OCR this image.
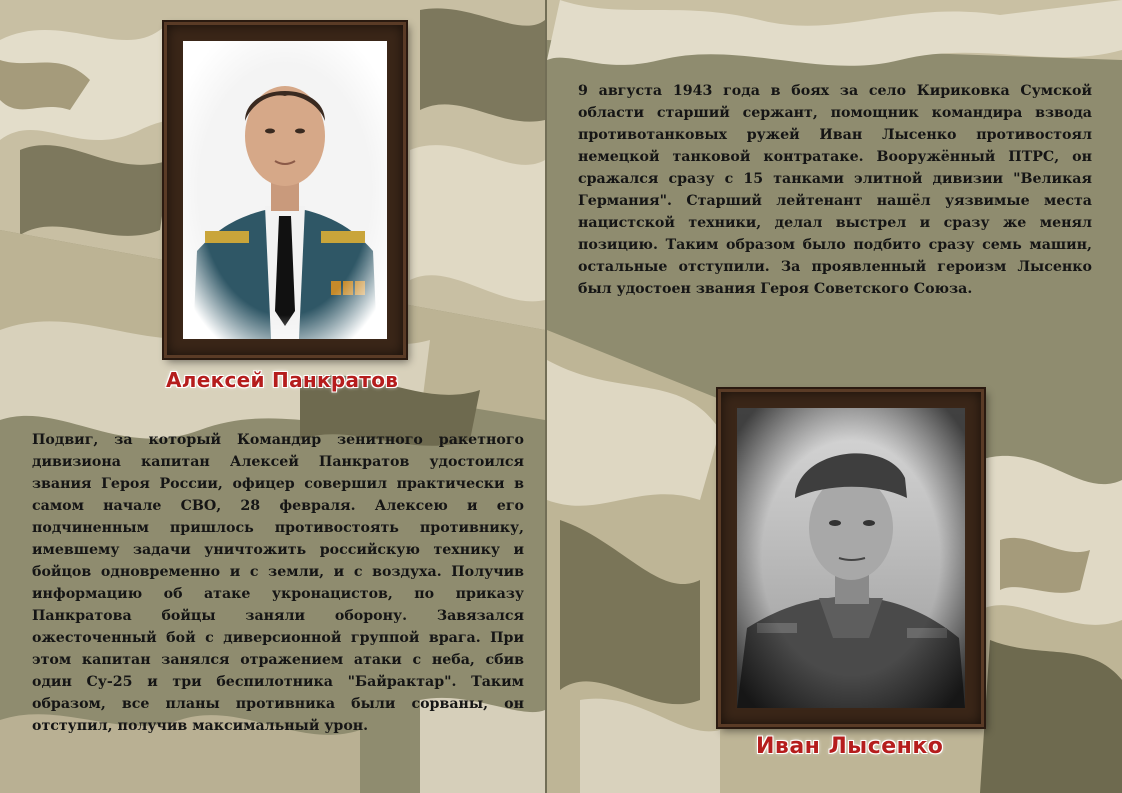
Алексей Панкратов
Подвиг, за который Командир зенитного ракетного дивизиона капитан Алексей Панкратов удостоился звания Героя России, офицер совершил практически в самом начале СВО, 28 февраля. Алексею и его подчиненным пришлось противостоять противнику, имевшему задачи уничтожить российскую технику и бойцов одновременно и с земли, и с воздуха. Получив информацию об атаке укронацистов, по приказу Панкратова бойцы заняли оборону. Завязался ожесточенный бой с диверсионной группой врага. При этом капитан занялся отражением атаки с неба, сбив один Су-25 и три беспилотника "Байрактар". Таким образом, все планы противника были сорваны, он отступил, получив максимальный урон.
9 августа 1943 года в боях за село Кириковка Сумской области старший сержант, помощник командира взвода противотанковых ружей Иван Лысенко противостоял немецкой танковой контратаке. Вооружённый ПТРС, он сражался сразу с 15 танками элитной дивизии "Великая Германия". Старший лейтенант нашёл уязвимые места нацистской техники, делал выстрел и сразу же менял позицию. Таким образом было подбито сразу семь машин, остальные отступили. За проявленный героизм Лысенко был удостоен звания Героя Советского Союза.
Иван Лысенко
